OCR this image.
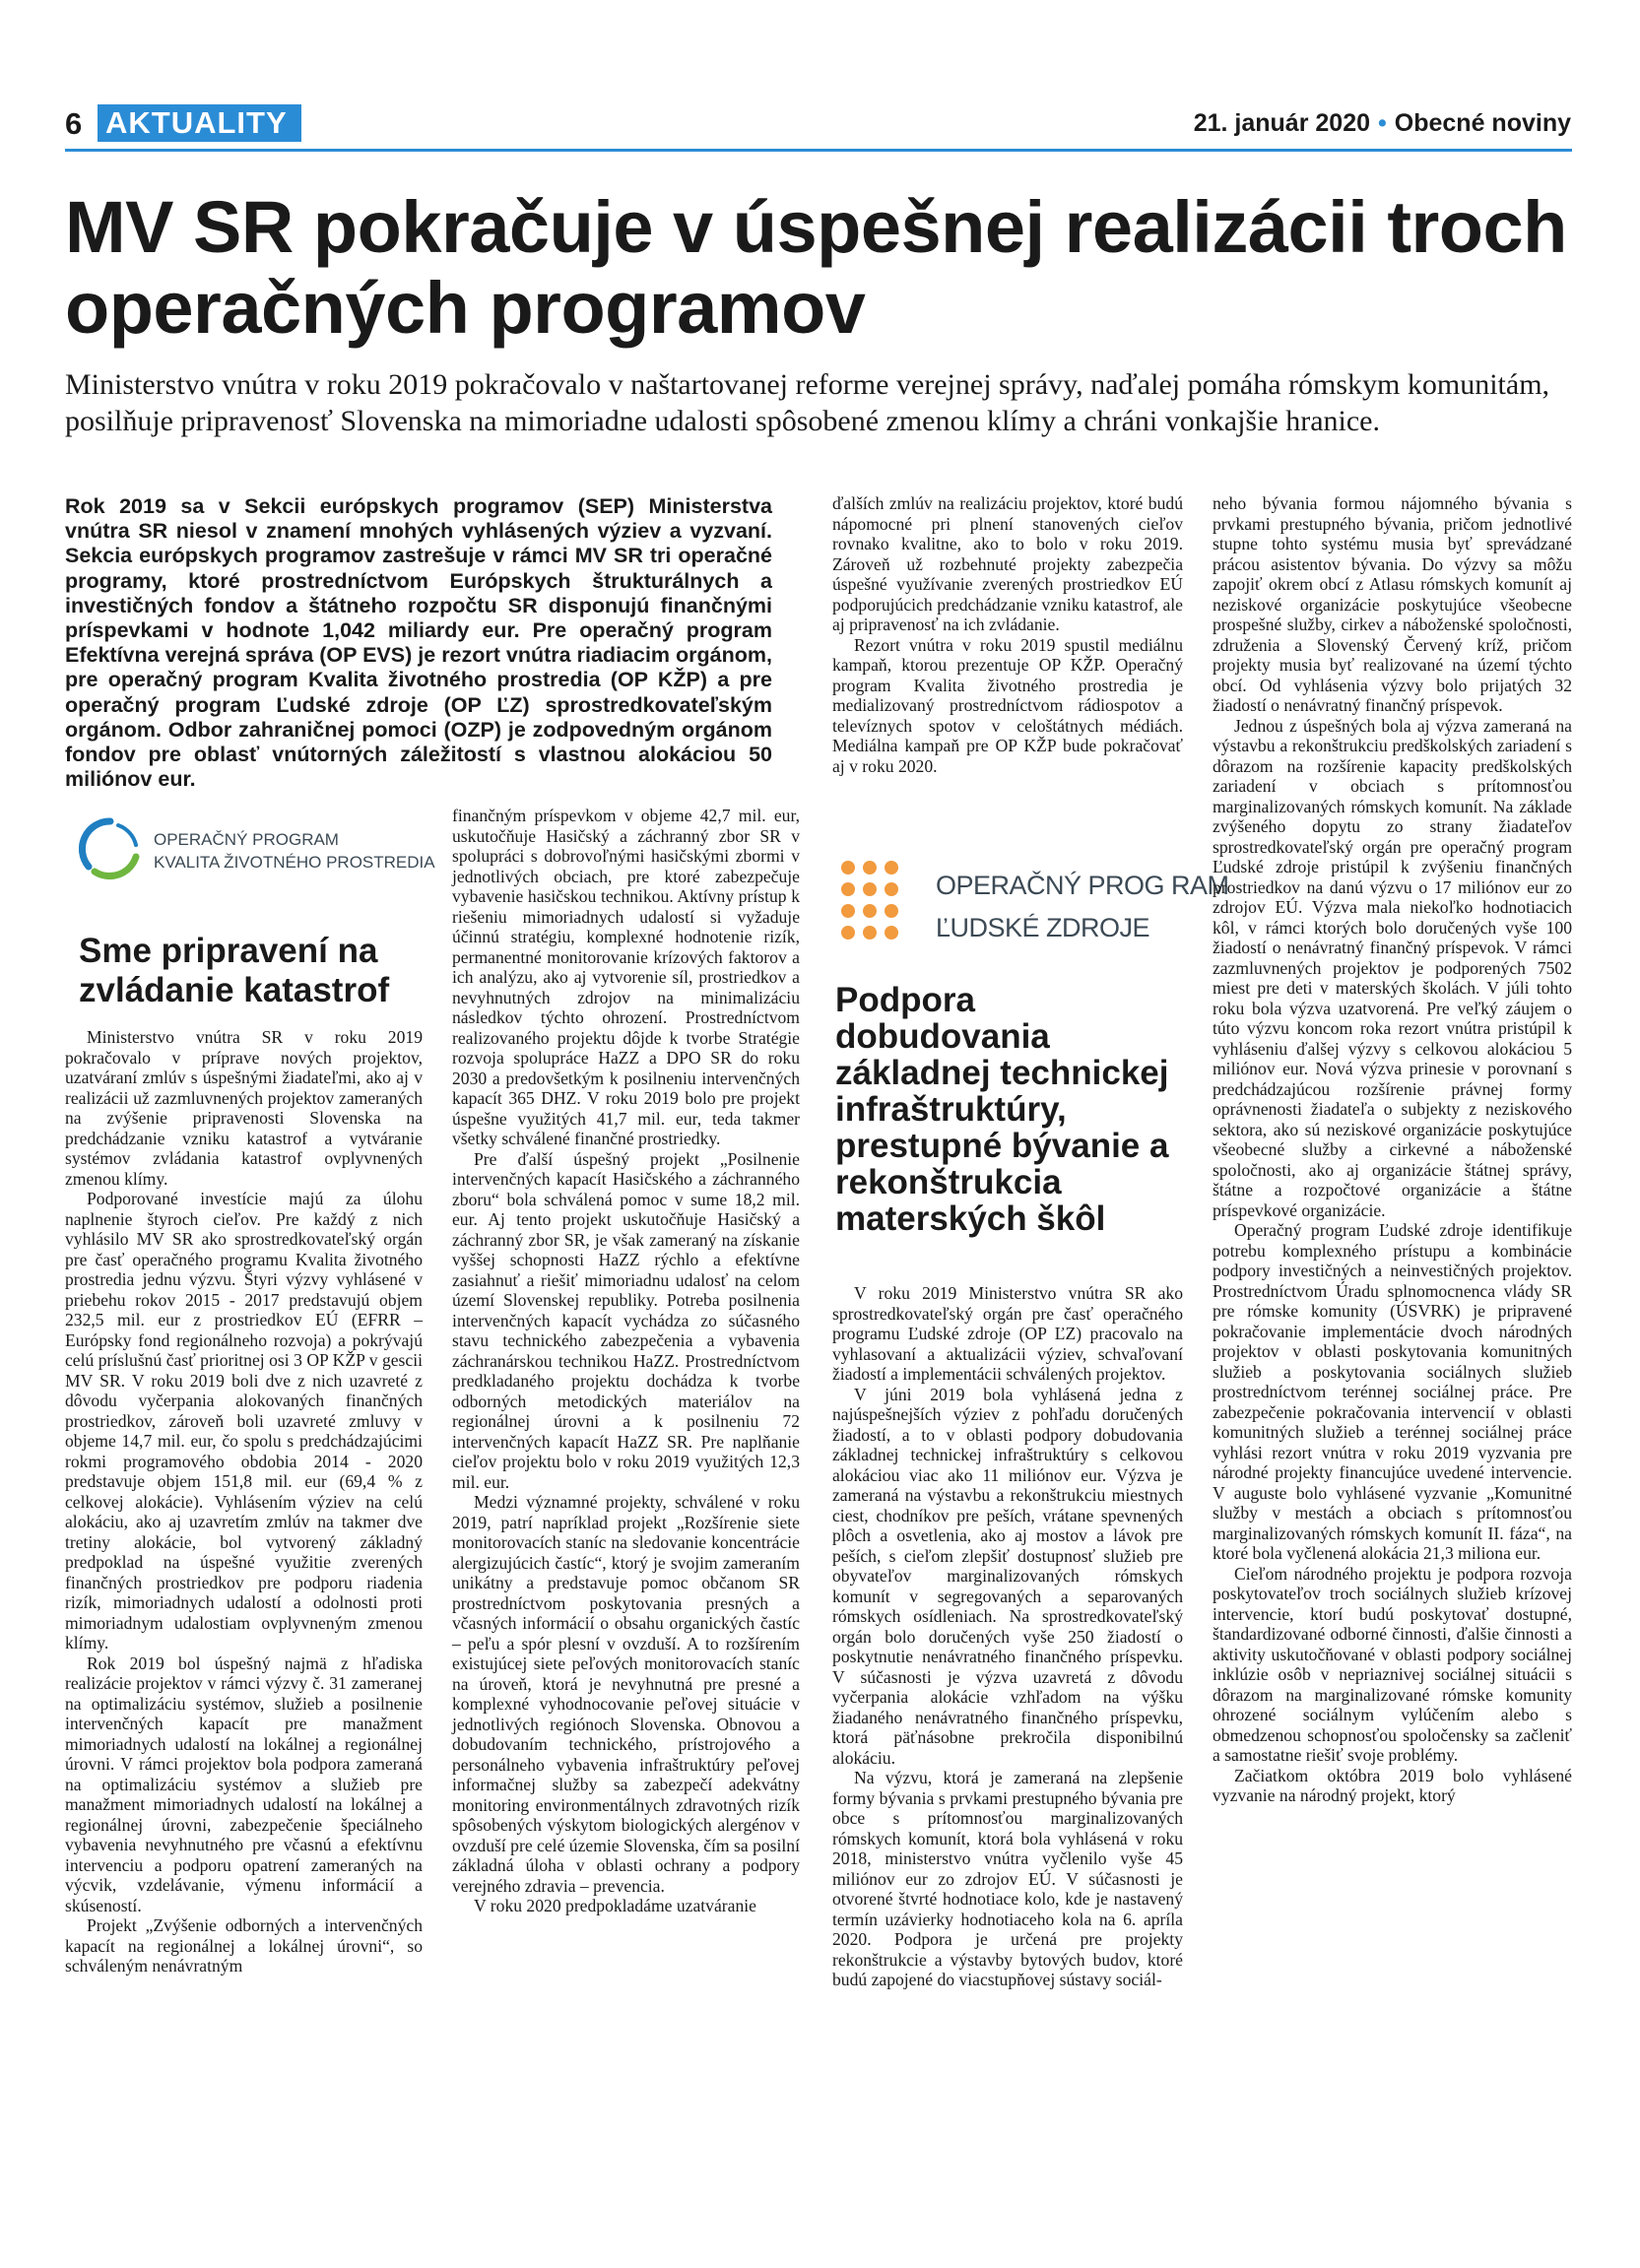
6 AKTUALITY	21. január 2020 • Obecné noviny
MV SR pokračuje v úspešnej realizácii troch operačných programov
Ministerstvo vnútra v roku 2019 pokračovalo v naštartovanej reforme verejnej správy, naďalej pomáha rómskym komunitám, posilňuje pripravenosť Slovenska na mimoriadne udalosti spôsobené zmenou klímy a chráni vonkajšie hranice.
Rok 2019 sa v Sekcii európskych programov (SEP) Ministerstva vnútra SR niesol v znamení mnohých vyhlásených výziev a vyzvaní. Sekcia európskych programov zastrešuje v rámci MV SR tri operačné programy, ktoré prostredníctvom Európskych štrukturálnych a investičných fondov a štátneho rozpočtu SR disponujú finančnými príspevkami v hodnote 1,042 miliardy eur. Pre operačný program Efektívna verejná správa (OP EVS) je rezort vnútra riadiacim orgánom, pre operačný program Kvalita životného prostredia (OP KŽP) a pre operačný program Ľudské zdroje (OP ĽZ) sprostredkovateľským orgánom. Odbor zahraničnej pomoci (OZP) je zodpovedným orgánom fondov pre oblasť vnútorných záležitostí s vlastnou alokáciou 50 miliónov eur.
OPERAČNÝ PROGRAM
KVALITA ŽIVOTNÉHO PROSTREDIA
Sme pripravení na zvládanie katastrof

Ministerstvo vnútra SR v roku 2019 pokračovalo v príprave nových projektov, uzatváraní zmlúv s úspešnými žiadateľmi, ako aj v realizácii už zazmluvnených projektov zameraných na zvýšenie pripravenosti Slovenska na predchádzanie vzniku katastrof a vytváranie systémov zvládania katastrof ovplyvnených zmenou klímy.

Podporované investície majú za úlohu naplnenie štyroch cieľov. Pre každý z nich vyhlásilo MV SR ako sprostredkovateľský orgán pre časť operačného programu Kvalita životného prostredia jednu výzvu. Štyri výzvy vyhlásené v priebehu rokov 2015 - 2017 predstavujú objem 232,5 mil. eur z prostriedkov EÚ (EFRR – Európsky fond regionálneho rozvoja) a pokrývajú celú príslušnú časť prioritnej osi 3 OP KŽP v gescii MV SR. V roku 2019 boli dve z nich uzavreté z dôvodu vyčerpania alokovaných finančných prostriedkov, zároveň boli uzavreté zmluvy v objeme 14,7 mil. eur, čo spolu s predchádzajúcimi rokmi programového obdobia 2014 - 2020 predstavuje objem 151,8 mil. eur (69,4 % z celkovej alokácie). Vyhlásením výziev na celú alokáciu, ako aj uzavretím zmlúv na takmer dve tretiny alokácie, bol vytvorený základný predpoklad na úspešné využitie zverených finančných prostriedkov pre podporu riadenia rizík, mimoriadnych udalostí a odolnosti proti mimoriadnym udalostiam ovplyvneným zmenou klímy.

Rok 2019 bol úspešný najmä z hľadiska realizácie projektov v rámci výzvy č. 31 zameranej na optimalizáciu systémov, služieb a posilnenie intervenčných kapacít pre manažment mimoriadnych udalostí na lokálnej a regionálnej úrovni. V rámci projektov bola podpora zameraná na optimalizáciu systémov a služieb pre manažment mimoriadnych udalostí na lokálnej a regionálnej úrovni, zabezpečenie špeciálneho vybavenia nevyhnutného pre včasnú a efektívnu intervenciu a podporu opatrení zameraných na výcvik, vzdelávanie, výmenu informácií a skúseností.

Projekt „Zvýšenie odborných a intervenčných kapacít na regionálnej a lokálnej úrovni“, so schváleným nenávratným

finančným príspevkom v objeme 42,7 mil. eur, uskutočňuje Hasičský a záchranný zbor SR v spolupráci s dobrovoľnými hasičskými zbormi v jednotlivých obciach, pre ktoré zabezpečuje vybavenie hasičskou technikou. Aktívny prístup k riešeniu mimoriadnych udalostí si vyžaduje účinnú stratégiu, komplexné hodnotenie rizík, permanentné monitorovanie krízových faktorov a ich analýzu, ako aj vytvorenie síl, prostriedkov a nevyhnutných zdrojov na minimalizáciu následkov týchto ohrození. Prostredníctvom realizovaného projektu dôjde k tvorbe Stratégie rozvoja spolupráce HaZZ a DPO SR do roku 2030 a predovšetkým k posilneniu intervenčných kapacít 365 DHZ. V roku 2019 bolo pre projekt úspešne využitých 41,7 mil. eur, teda takmer všetky schválené finančné prostriedky.

Pre ďalší úspešný projekt „Posilnenie intervenčných kapacít Hasičského a záchranného zboru“ bola schválená pomoc v sume 18,2 mil. eur. Aj tento projekt uskutočňuje Hasičský a záchranný zbor SR, je však zameraný na získanie vyššej schopnosti HaZZ rýchlo a efektívne zasiahnuť a riešiť mimoriadnu udalosť na celom území Slovenskej republiky. Potreba posilnenia intervenčných kapacít vychádza zo súčasného stavu technického zabezpečenia a vybavenia záchranárskou technikou HaZZ. Prostredníctvom predkladaného projektu dochádza k tvorbe odborných metodických materiálov na regionálnej úrovni a k posilneniu 72 intervenčných kapacít HaZZ SR. Pre naplňanie cieľov projektu bolo v roku 2019 využitých 12,3 mil. eur.

Medzi významné projekty, schválené v roku 2019, patrí napríklad projekt „Rozšírenie siete monitorovacích staníc na sledovanie koncentrácie alergizujúcich častíc“, ktorý je svojim zameraním unikátny a predstavuje pomoc občanom SR prostredníctvom poskytovania presných a včasných informácií o obsahu organických častíc – peľu a spór plesní v ovzduší. A to rozšírením existujúcej siete peľových monitorovacích staníc na úroveň, ktorá je nevyhnutná pre presné a komplexné vyhodnocovanie peľovej situácie v jednotlivých regiónoch Slovenska. Obnovou a dobudovaním technického, prístrojového a personálneho vybavenia infraštruktúry peľovej informačnej služby sa zabezpečí adekvátny monitoring environmentálnych zdravotných rizík spôsobených výskytom biologických alergénov v ovzduší pre celé územie Slovenska, čím sa posilní základná úloha v oblasti ochrany a podpory verejného zdravia – prevencia.

V roku 2020 predpokladáme uzatváranie

ďalších zmlúv na realizáciu projektov, ktoré budú nápomocné pri plnení stanovených cieľov rovnako kvalitne, ako to bolo v roku 2019. Zároveň už rozbehnuté projekty zabezpečia úspešné využívanie zverených prostriedkov EÚ podporujúcich predchádzanie vzniku katastrof, ale aj pripravenosť na ich zvládanie.

Rezort vnútra v roku 2019 spustil mediálnu kampaň, ktorou prezentuje OP KŽP. Operačný program Kvalita životného prostredia je medializovaný prostredníctvom rádiospotov a televíznych spotov v celoštátnych médiách. Mediálna kampaň pre OP KŽP bude pokračovať aj v roku 2020.

OPERAČNÝ PROG RAM
ĽUDSKÉ ZDROJE
Podpora dobudovania základnej technickej infraštruktúry, prestupné bývanie a rekonštrukcia materských škôl

V roku 2019 Ministerstvo vnútra SR ako sprostredkovateľský orgán pre časť operačného programu Ľudské zdroje (OP ĽZ) pracovalo na vyhlasovaní a aktualizácii výziev, schvaľovaní žiadostí a implementácii schválených projektov.

V júni 2019 bola vyhlásená jedna z najúspešnejších výziev z pohľadu doručených žiadostí, a to v oblasti podpory dobudovania základnej technickej infraštruktúry s celkovou alokáciou viac ako 11 miliónov eur. Výzva je zameraná na výstavbu a rekonštrukciu miestnych ciest, chodníkov pre peších, vrátane spevnených plôch a osvetlenia, ako aj mostov a lávok pre peších, s cieľom zlepšiť dostupnosť služieb pre obyvateľov marginalizovaných rómskych komunít v segregovaných a separovaných rómskych osídleniach. Na sprostredkovateľský orgán bolo doručených vyše 250 žiadostí o poskytnutie nenávratného finančného príspevku. V súčasnosti je výzva uzavretá z dôvodu vyčerpania alokácie vzhľadom na výšku žiadaného nenávratného finančného príspevku, ktorá päťnásobne prekročila disponibilnú alokáciu.

Na výzvu, ktorá je zameraná na zlepšenie formy bývania s prvkami prestupného bývania pre obce s prítomnosťou marginalizovaných rómskych komunít, ktorá bola vyhlásená v roku 2018, ministerstvo vnútra vyčlenilo vyše 45 miliónov eur zo zdrojov EÚ. V súčasnosti je otvorené štvrté hodnotiace kolo, kde je nastavený termín uzávierky hodnotiaceho kola na 6. apríla 2020. Podpora je určená pre projekty rekonštrukcie a výstavby bytových budov, ktoré budú zapojené do viacstupňovej sústavy sociál-

neho bývania formou nájomného bývania s prvkami prestupného bývania, pričom jednotlivé stupne tohto systému musia byť sprevádzané prácou asistentov bývania. Do výzvy sa môžu zapojiť okrem obcí z Atlasu rómskych komunít aj neziskové organizácie poskytujúce všeobecne prospešné služby, cirkev a náboženské spoločnosti, združenia a Slovenský Červený kríž, pričom projekty musia byť realizované na území týchto obcí. Od vyhlásenia výzvy bolo prijatých 32 žiadostí o nenávratný finančný príspevok.

Jednou z úspešných bola aj výzva zameraná na výstavbu a rekonštrukciu predškolských zariadení s dôrazom na rozšírenie kapacity predškolských zariadení v obciach s prítomnosťou marginalizovaných rómskych komunít. Na základe zvýšeného dopytu zo strany žiadateľov sprostredkovateľský orgán pre operačný program Ľudské zdroje pristúpil k zvýšeniu finančných prostriedkov na danú výzvu o 17 miliónov eur zo zdrojov EÚ. Výzva mala niekoľko hodnotiacich kôl, v rámci ktorých bolo doručených vyše 100 žiadostí o nenávratný finančný príspevok. V rámci zazmluvnených projektov je podporených 7502 miest pre deti v materských školách. V júli tohto roku bola výzva uzatvorená. Pre veľký záujem o túto výzvu koncom roka rezort vnútra pristúpil k vyhláseniu ďalšej výzvy s celkovou alokáciou 5 miliónov eur. Nová výzva prinesie v porovnaní s predchádzajúcou rozšírenie právnej formy oprávnenosti žiadateľa o subjekty z neziskového sektora, ako sú neziskové organizácie poskytujúce všeobecné služby a cirkevné a náboženské spoločnosti, ako aj organizácie štátnej správy, štátne a rozpočtové organizácie a štátne príspevkové organizácie.

Operačný program Ľudské zdroje identifikuje potrebu komplexného prístupu a kombinácie podpory investičných a neinvestičných projektov. Prostredníctvom Úradu splnomocnenca vlády SR pre rómske komunity (ÚSVRK) je pripravené pokračovanie implementácie dvoch národných projektov v oblasti poskytovania komunitných služieb a poskytovania sociálnych služieb prostredníctvom terénnej sociálnej práce. Pre zabezpečenie pokračovania intervencií v oblasti komunitných služieb a terénnej sociálnej práce vyhlási rezort vnútra v roku 2019 vyzvania pre národné projekty financujúce uvedené intervencie. V auguste bolo vyhlásené vyzvanie „Komunitné služby v mestách a obciach s prítomnosťou marginalizovaných rómskych komunít II. fáza“, na ktoré bola vyčlenená alokácia 21,3 miliona eur.

Cieľom národného projektu je podpora rozvoja poskytovateľov troch sociálnych služieb krízovej intervencie, ktorí budú poskytovať dostupné, štandardizované odborné činnosti, ďalšie činnosti a aktivity uskutočňované v oblasti podpory sociálnej inklúzie osôb v nepriaznivej sociálnej situácii s dôrazom na marginalizované rómske komunity ohrozené sociálnym vylúčením alebo s obmedzenou schopnosťou spoločensky sa začleniť a samostatne riešiť svoje problémy.

Začiatkom októbra 2019 bolo vyhlásené vyzvanie na národný projekt, ktorý
